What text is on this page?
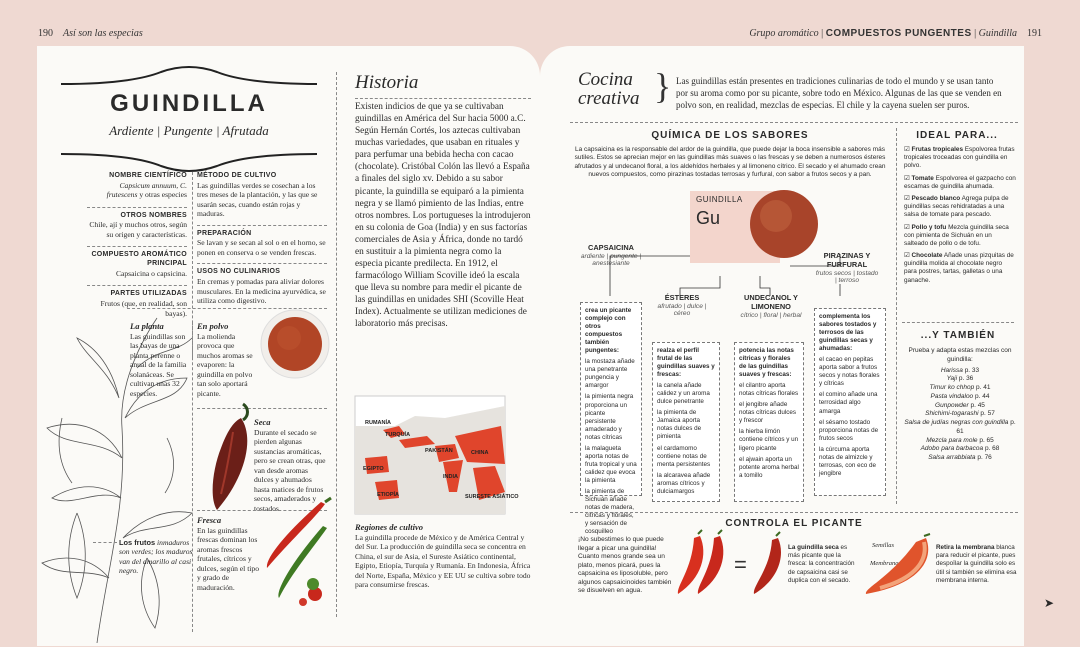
190 Así son las especias	Grupo aromático | COMPUESTOS PUNGENTES | Guindilla 191
GUINDILLA
Ardiente | Pungente | Afrutada
NOMBRE CIENTÍFICO
Capsicum annuum, C. frutescens y otras especies
OTROS NOMBRES
Chile, ají y muchos otros, según su origen y características.
COMPUESTO AROMÁTICO PRINCIPAL
Capsaicina o capsicina.
PARTES UTILIZADAS
Frutos (que, en realidad, son bayas).
MÉTODO DE CULTIVO
Las guindillas verdes se cosechan a los tres meses de la plantación, y las que se usarán secas, cuando están rojas y maduras.
PREPARACIÓN
Se lavan y se secan al sol o en el horno, se ponen en conserva o se venden frescas.
USOS NO CULINARIOS
En cremas y pomadas para aliviar dolores musculares. En la medicina ayurvédica, se utiliza como digestivo.
La planta
Las guindillas son las bayas de una planta perenne o anual de la familia solanáceas. Se cultivan unas 32 especies.
Los frutos inmaduros son verdes; los maduros van del amarillo al casi negro.
En polvo
La molienda provoca que muchos aromas se evaporen: la guindilla en polvo tan solo aportará picante.
Seca
Durante el secado se pierden algunas sustancias aromáticas, pero se crean otras, que van desde aromas dulces y ahumados hasta matices de frutos secos, amaderados y tostados.
Fresca
En las guindillas frescas dominan los aromas frescos frutales, cítricos y dulces, según el tipo y grado de maduración.
Historia
Existen indicios de que ya se cultivaban guindillas en América del Sur hacia 5000 a.C. Según Hernán Cortés, los aztecas cultivaban muchas variedades, que usaban en rituales y para perfumar una bebida hecha con cacao (chocolate). Cristóbal Colón las llevó a España a finales del siglo xv. Debido a su sabor picante, la guindilla se equiparó a la pimienta negra y se llamó pimiento de las Indias, entre otros nombres. Los portugueses la introdujeron en su colonia de Goa (India) y en sus factorías comerciales de Asia y África, donde no tardó en sustituir a la pimienta negra como la especia picante predilecta. En 1912, el farmacólogo William Scoville ideó la escala que lleva su nombre para medir el picante de las guindillas en unidades SHI (Scoville Heat Index). Actualmente se utilizan mediciones de laboratorio más precisas.
RUMANÍA
TURQUÍA
EGIPTO
ETIOPÍA
PAKISTÁN	CHINA
INDIA
SURESTE ASIÁTICO
Regiones de cultivo
La guindilla procede de México y de América Central y del Sur. La producción de guindilla seca se concentra en China, el sur de Asia, el Sureste Asiático continental, Egipto, Etiopía, Turquía y Rumanía. En Indonesia, África del Norte, España, México y EE UU se cultiva sobre todo para consumirse frescas.
Cocina
creativa } Las guindillas están presentes en tradiciones culinarias de todo el mundo y se usan tanto por su aroma como por su picante, sobre todo en México. Algunas de las que se venden en polvo son, en realidad, mezclas de especias. El chile y la cayena suelen ser puros.
QUÍMICA DE LOS SABORES
La capsaicina es la responsable del ardor de la guindilla, que puede dejar la boca insensible a sabores más sutiles. Estos se aprecian mejor en las guindillas más suaves o las frescas y se deben a numerosos ésteres afrutados y al undecanol floral, a los aldehídos herbales y al limoneno cítrico. El secado y el ahumado crean nuevos compuestos, como pirazinas tostadas terrosas y furfural, con sabor a frutos secos y a pan.
GUINDILLA
Gu
CAPSAICINA
ardiente | pungente | anestesiante
ÉSTERES
afrutado | dulce | céreo
UNDECANOL Y LIMONENO
cítrico | floral | herbal
PIRAZINAS Y FURFURAL
frutos secos | tostado | terroso

crea un picante complejo con otros compuestos también pungentes:

la mostaza añade una penetrante pungencia y amargor

la pimienta negra proporciona un picante persistente amaderado y notas cítricas

la malagueta aporta notas de fruta tropical y una calidez que evoca la pimienta

la pimienta de Sichuán añade notas de madera, cítricas y florales, y sensación de cosquilleo

realza el perfil frutal de las guindillas suaves y frescas:

la canela añade calidez y un aroma dulce penetrante

la pimienta de Jamaica aporta notas dulces de pimienta

el cardamomo contiene notas de menta persistentes

la alcaravea añade aromas cítricos y dulciamargos

potencia las notas cítricas y florales de las guindillas suaves y frescas:

el cilantro aporta notas cítricas florales

el jengibre añade notas cítricas dulces y frescor

la hierba limón contiene cítricos y un ligero picante

el ajwain aporta un potente aroma herbal a tomillo

complementa los sabores tostados y terrosos de las guindillas secas y ahumadas:

el cacao en pepitas aporta sabor a frutos secos y notas florales y cítricas

el comino añade una terrosidad algo amarga

el sésamo tostado proporciona notas de frutos secos

la cúrcuma aporta notas de almizcle y terrosas, con eco de jengibre

IDEAL PARA...

☑ Frutas tropicales Espolvorea frutas tropicales troceadas con guindilla en polvo.

☑ Tomate Espolvorea el gazpacho con escamas de guindilla ahumada.

☑ Pescado blanco Agrega pulpa de guindillas secas rehidratadas a una salsa de tomate para pescado.

☑ Pollo y tofu Mezcla guindilla seca con pimienta de Sichuán en un salteado de pollo o de tofu.

☑ Chocolate Añade unas pizquitas de guindilla molida al chocolate negro para postres, tartas, galletas o una ganache.

...Y TAMBIÉN

Prueba y adapta estas mezclas con guindilla:

Harissa p. 33

Yaji p. 36

Timur ko chhop p. 41

Pasta vindaloo p. 44

Gunpowder p. 45

Shichimi-togarashi p. 57

Salsa de judías negras con guindilla p. 61

Mezcla para mole p. 65

Adobo para barbacoa p. 68

Salsa arrabbiata p. 76

CONTROLA EL PICANTE
¡No subestimes lo que puede llegar a picar una guindilla! Cuanto menos grande sea un plato, menos picará, pues la capsaicina es liposoluble, pero algunos capsaicinoides también se disuelven en agua.
=
La guindilla seca es más picante que la fresca: la concentración de capsaicina casi se duplica con el secado.
Semillas
Membrana
Retira la membrana blanca para reducir el picante, pues despoïlar la guindilla solo es útil si también se elimina esa membrana interna.
➤
